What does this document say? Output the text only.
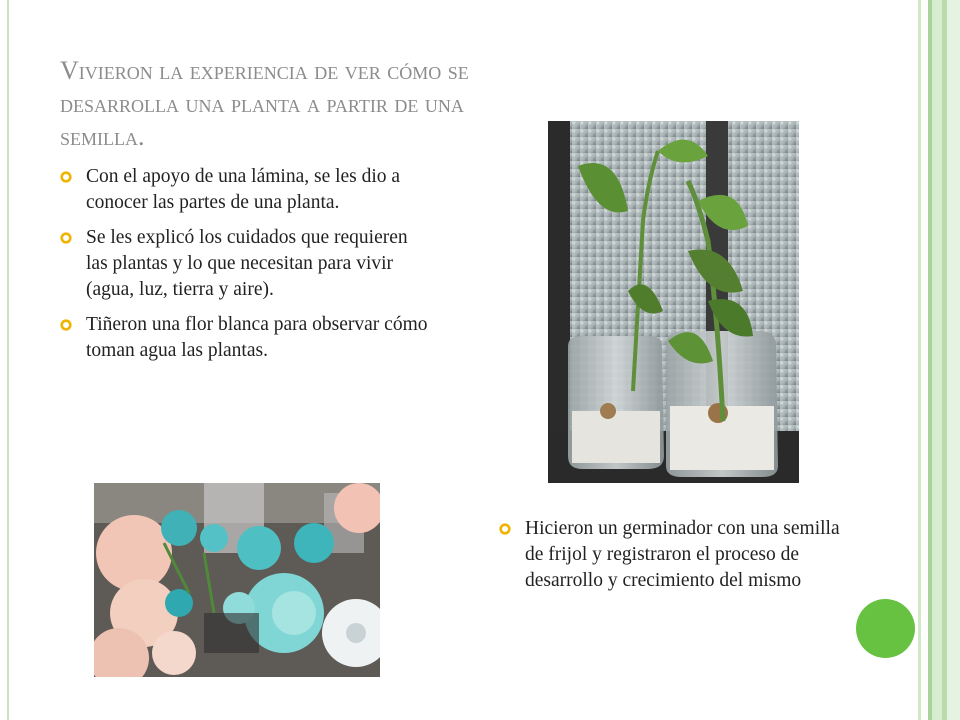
Vivieron la experiencia de ver cómo se desarrolla una planta a partir de una semilla.
Con el apoyo de una lámina, se les dio a conocer las partes de una planta.
Se les explicó los cuidados que requieren las plantas y lo que necesitan para vivir (agua, luz, tierra y aire).
Tiñeron una flor blanca para observar cómo toman agua las plantas.
Hicieron un germinador con una semilla de frijol y registraron el proceso de desarrollo y crecimiento del mismo
